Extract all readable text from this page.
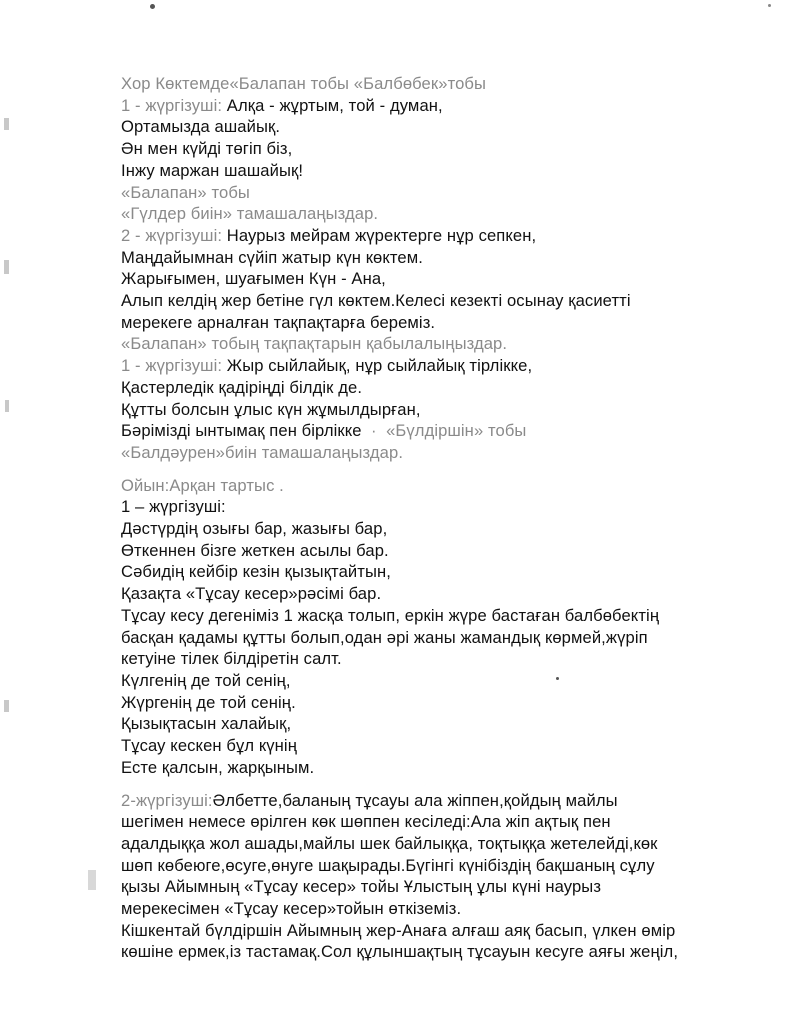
Хор Көктемде«Балапан тобы «Балбөбек»тобы
1 - жүргізуші: Алқа - жұртым, той - думан,
Ортамызда ашайық.
Ән мен күйді төгіп біз,
Інжу маржан шашайық!
«Балапан» тобы
«Гүлдер биін» тамашалаңыздар.
2 - жүргізуші: Наурыз мейрам жүректерге нұр сепкен,
Маңдайымнан сүйіп жатыр күн көктем.
Жарығымен, шуағымен Күн - Ана,
Алып келдің жер бетіне гүл көктем.Келесі кезекті осынау қасиетті
мерекеге арналған тақпақтарға береміз.
«Балапан» тобың тақпақтарын қабылалыңыздар.
1 - жүргізуші: Жыр сыйлайық, нұр сыйлайық тірлікке,
Қастерледік қадіріңді білдік де.
Құтты болсын ұлыс күн жұмылдырған,
Бәрімізді ынтымақ пен бірлікке  ·  «Бүлдіршін» тобы
«Балдәурен»биін тамашалаңыздар.
Ойын:Арқан тартыс .
1 – жүргізуші:
Дәстүрдің озығы бар, жазығы бар,
Өткеннен бізге жеткен асылы бар.
Сәбидің кейбір кезін қызықтайтын,
Қазақта «Тұсау кесер»рәсімі бар.
Тұсау кесу дегеніміз 1 жасқа толып, еркін жүре бастаған балбөбектің
басқан қадамы құтты болып,одан әрі жаны жамандық көрмей,жүріп
кетуіне тілек білдіретін салт.
Күлгенің де той сенің,
Жүргенің де той сенің.
Қызықтасын халайық,
Тұсау кескен бұл күнің
Есте қалсын, жарқыным.
2-жүргізуші:Әлбетте,баланың тұсауы ала жіппен,қойдың майлы
шегімен немесе өрілген көк шөппен кесіледі:Ала жіп ақтық пен
адалдыққа жол ашады,майлы шек байлыққа, тоқтыққа жетелейді,көк
шөп көбеюге,өсуге,өнуге шақырады.Бүгінгі күнібіздің бақшаның сұлу
қызы Айымның «Тұсау кесер» тойы Ұлыстың ұлы күні наурыз
мерекесімен «Тұсау кесер»тойын өткіземіз.
Кішкентай бүлдіршін Айымның жер-Анаға алғаш аяқ басып, үлкен өмір
көшіне ермек,із тастамақ.Сол құлыншақтың тұсауын кесуге аяғы жеңіл,
